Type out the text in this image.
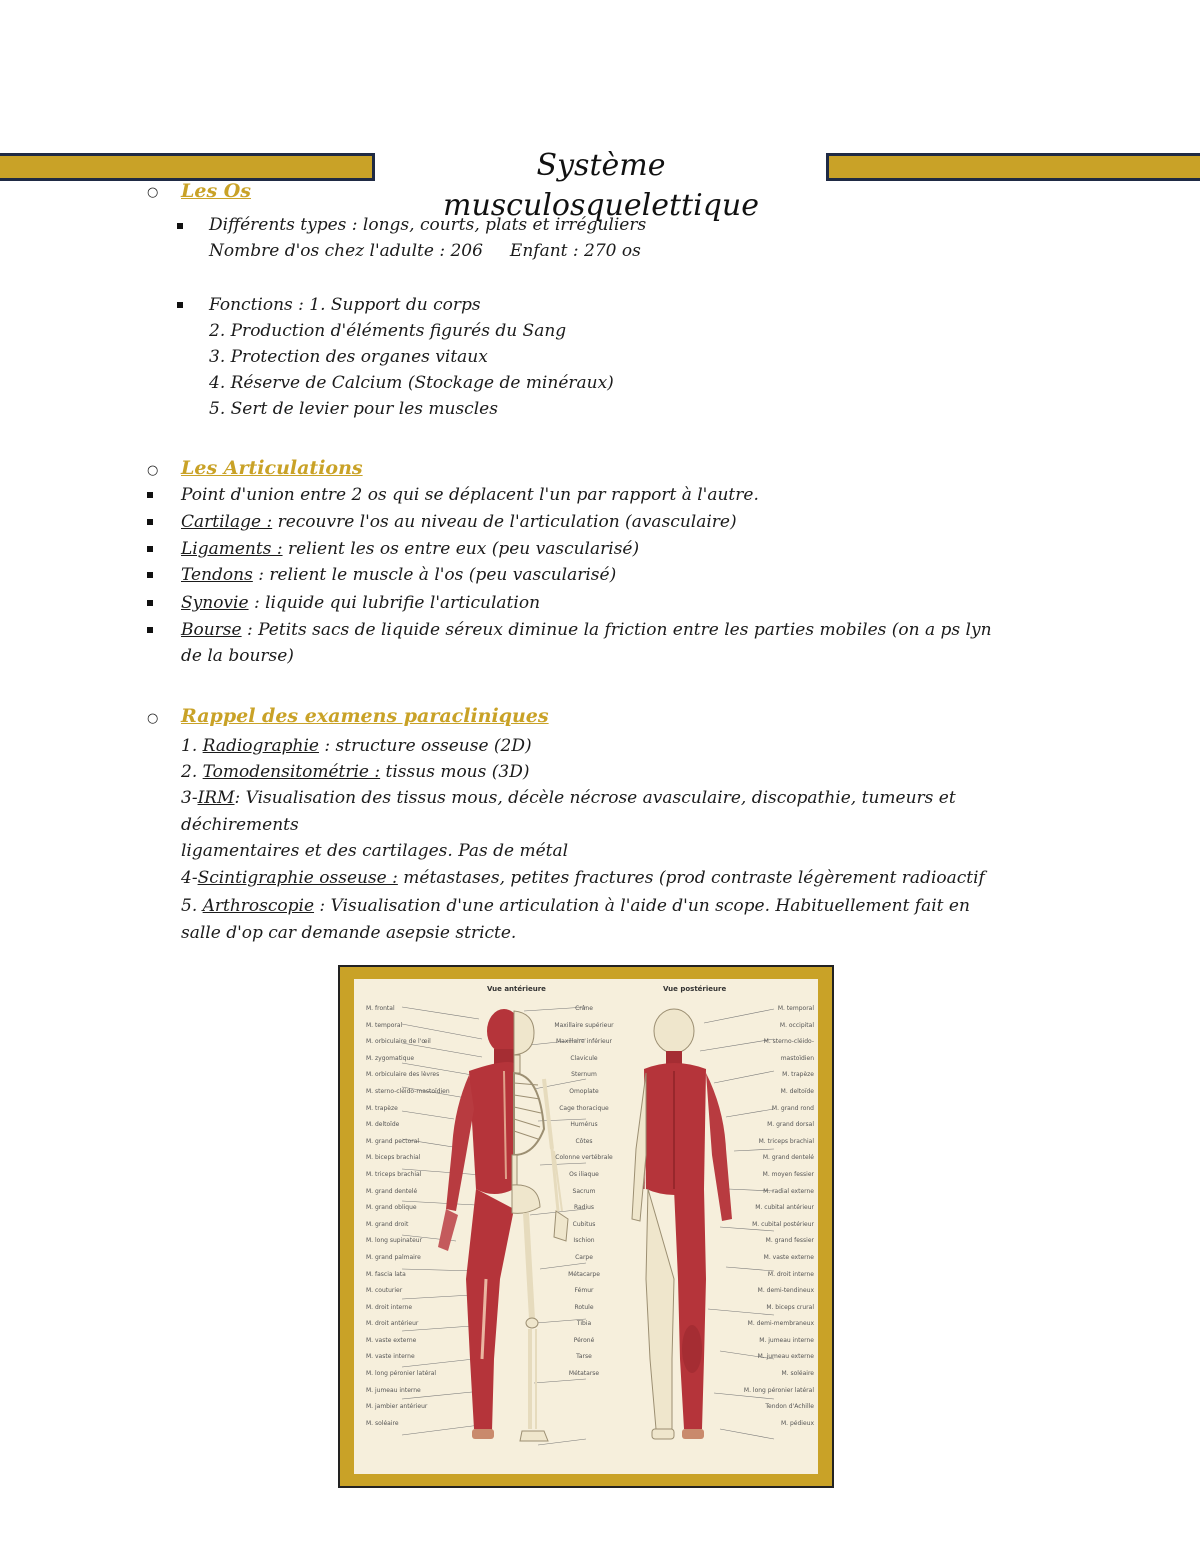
Système musculosquelettique
○ Les Os
Différents types : longs, courts, plats et irréguliers
Nombre d'os chez l'adulte : 206     Enfant : 270 os
Fonctions : 1. Support du corps
2. Production d'éléments figurés du Sang
3. Protection des organes vitaux
4. Réserve de Calcium (Stockage de minéraux)
5. Sert de levier pour les muscles
○ Les Articulations
Point d'union entre 2 os qui se déplacent l'un par rapport à l'autre.
Cartilage : recouvre l'os au niveau de l'articulation (avasculaire)
Ligaments : relient les os entre eux (peu vascularisé)
Tendons : relient le muscle à l'os (peu vascularisé)
Synovie : liquide qui lubrifie l'articulation
Bourse : Petits sacs de liquide séreux diminue la friction entre les parties mobiles (on a ps lyn
de la bourse)
○ Rappel des examens paracliniques
1. Radiographie : structure osseuse (2D)
2. Tomodensitométrie : tissus mous (3D)
3-IRM: Visualisation des tissus mous, décèle nécrose avasculaire, discopathie, tumeurs et
déchirements
ligamentaires et des cartilages. Pas de métal
4-Scintigraphie osseuse : métastases, petites fractures (prod contraste légèrement radioactif
5. Arthroscopie : Visualisation d'une articulation à l'aide d'un scope. Habituellement fait en
salle d'op car demande asepsie stricte.
Vue antérieure	Vue postérieure
M. frontal
M. temporal
M. orbiculaire de l'œil
M. zygomatique
M. orbiculaire des lèvres
M. sterno-cléido-mastoïdien
M. trapèze
M. deltoïde
M. grand pectoral
M. biceps brachial
M. triceps brachial
M. grand dentelé
M. grand oblique
M. grand droit
M. long supinateur
M. grand palmaire
M. fascia lata
M. couturier
M. droit interne
M. droit antérieur
M. vaste externe
M. vaste interne
M. long péronier latéral
M. jumeau interne
M. jambier antérieur
M. soléaire
Crâne
Maxillaire supérieur
Maxillaire inférieur
Clavicule
Sternum
Omoplate
Cage thoracique
Humérus
Côtes
Colonne vertébrale
Os iliaque
Sacrum
Radius
Cubitus
Ischion
Carpe
Métacarpe
Fémur
Rotule
Tibia
Péroné
Tarse
Métatarse
M. temporal
M. occipital
M. sterno-cléido-mastoïdien
M. trapèze
M. deltoïde
M. grand rond
M. grand dorsal
M. triceps brachial
M. grand dentelé
M. moyen fessier
M. radial externe
M. cubital antérieur
M. cubital postérieur
M. grand fessier
M. vaste externe
M. droit interne
M. demi-tendineux
M. biceps crural
M. demi-membraneux
M. jumeau interne
M. jumeau externe
M. soléaire
M. long péronier latéral
Tendon d'Achille
M. pédieux
